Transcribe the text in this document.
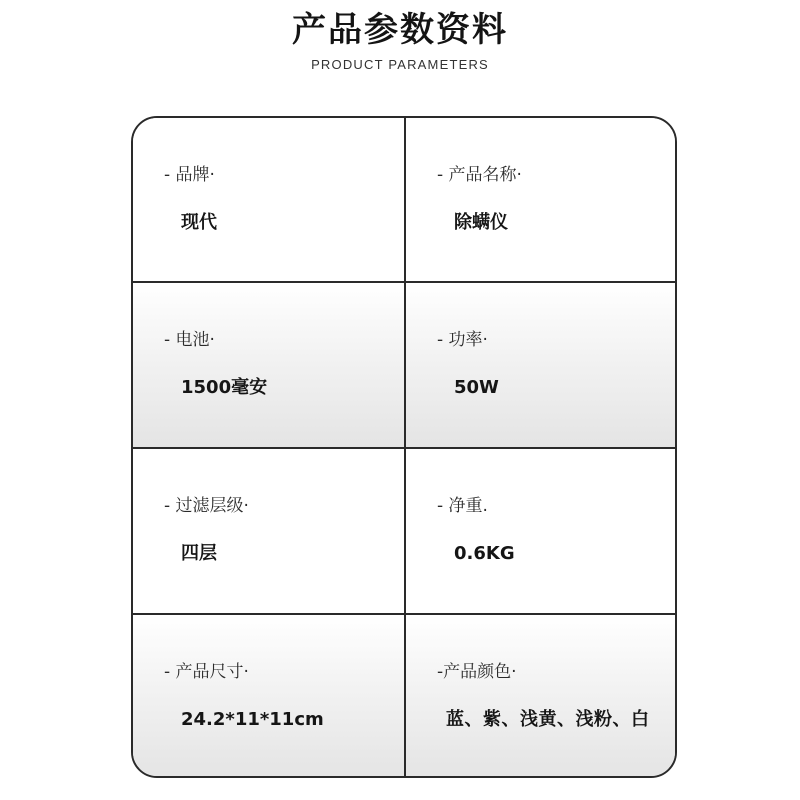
产品参数资料
PRODUCT PARAMETERS
- 品牌·
现代
- 产品名称·
除螨仪
- 电池·
1500毫安
- 功率·
50W
- 过滤层级·
四层
- 净重.
0.6KG
- 产品尺寸·
24.2*11*11cm
-产品颜色·
蓝、紫、浅黄、浅粉、白
